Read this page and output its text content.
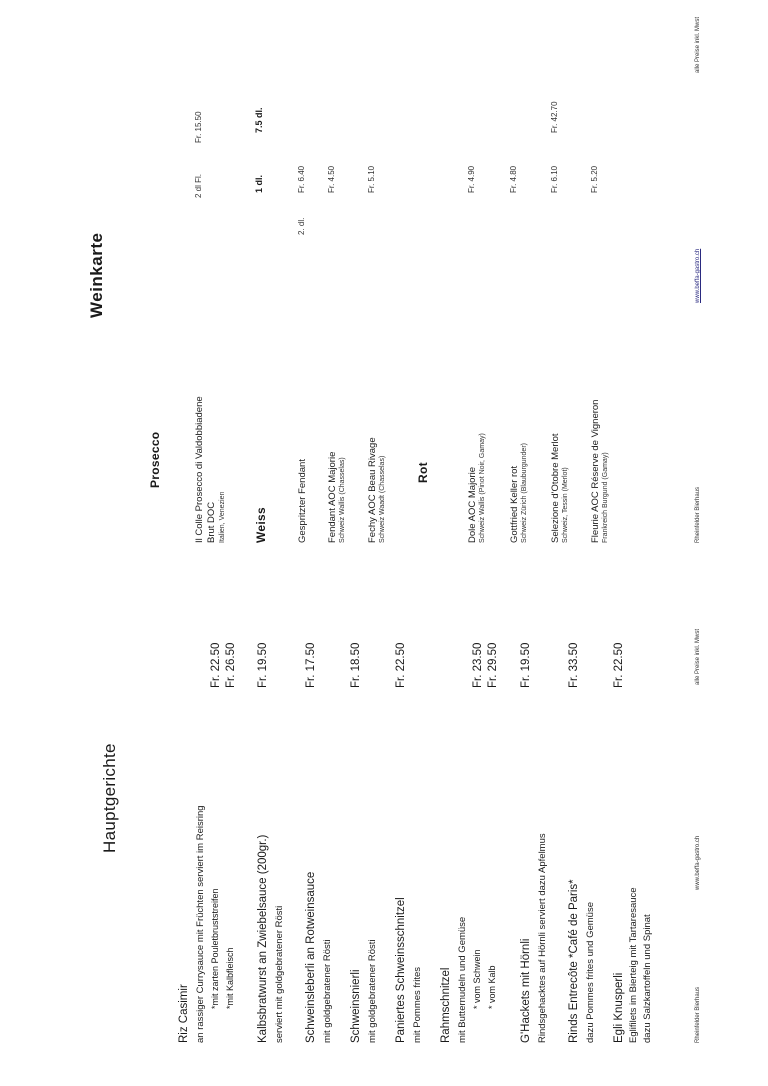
Hauptgerichte
Riz Casimir an rassiger Currysauce mit Früchten serviert im Reisring *mit zarten Pouletbruststreifen *mit Kalbfleisch
Fr. 22.50 Fr. 26.50
Kalbsbratwurst an Zwiebelsauce (200gr.) serviert mit goldgebratener Rösti
Fr. 19.50
Schweinsleberli an Rotweinsauce mit goldgebratener Rösti
Fr. 17.50
Schweinsnierli mit goldgebratener Rösti
Fr. 18.50
Paniertes Schweinsschnitzel mit Pommes frites
Fr. 22.50
Rahmschnitzel mit Butternudeln und Gemüse * vom Schwein * vom Kalb
Fr. 23.50 Fr. 29.50
G'Hackets mit Hörnli Rindsgehacktes auf Hörnli serviert dazu Apfelmus
Fr. 19.50
Rinds Entrecôte *Café de Paris* dazu Pommes frites und Gemüse
Fr. 33.50
Egli Knusperli Eglifilets im Bierteig mit Tartaresauce dazu Salzkartoffeln und Spinat
Fr. 22.50
Rheinfelder Bierhaus
www.beffa-gastro.ch
alle Preise inkl. Mwst
Weinkarte
Prosecco
2 dl Fl.
Fr. 15.50
Il Colle Prosecco di Valdobbiadene Brut DOC Italien, Venezien Weiss
1 dl.
7.5 dl.
Gespritzter Fendant
2. dl.
Fr. 6.40
Fendant AOC Majorie Schweiz Wallis (Chasselas)
Fr. 4.50
Fechy AOC Beau Rivage Schweiz Waadt (Chasselas)
Fr. 5.10
Rot	Dole AOC Majorie Schweiz Wallis (Pinot Noir, Gamay)
Fr. 4.90
Gottfried Keller rot Schweiz Zürich (Blauburgunder)
Fr. 4.80
Selezione d'Otobre Merlot Schweiz, Tessin (Merlot)
Fr. 6.10
Fr. 42.70
Fleurie AOC Réserve de Vigneron Frankreich Burgund (Gamay)
Fr. 5.20
Rheinfelder Bierhaus
www.beffa-gastro.ch
alle Preise inkl. Mwst
